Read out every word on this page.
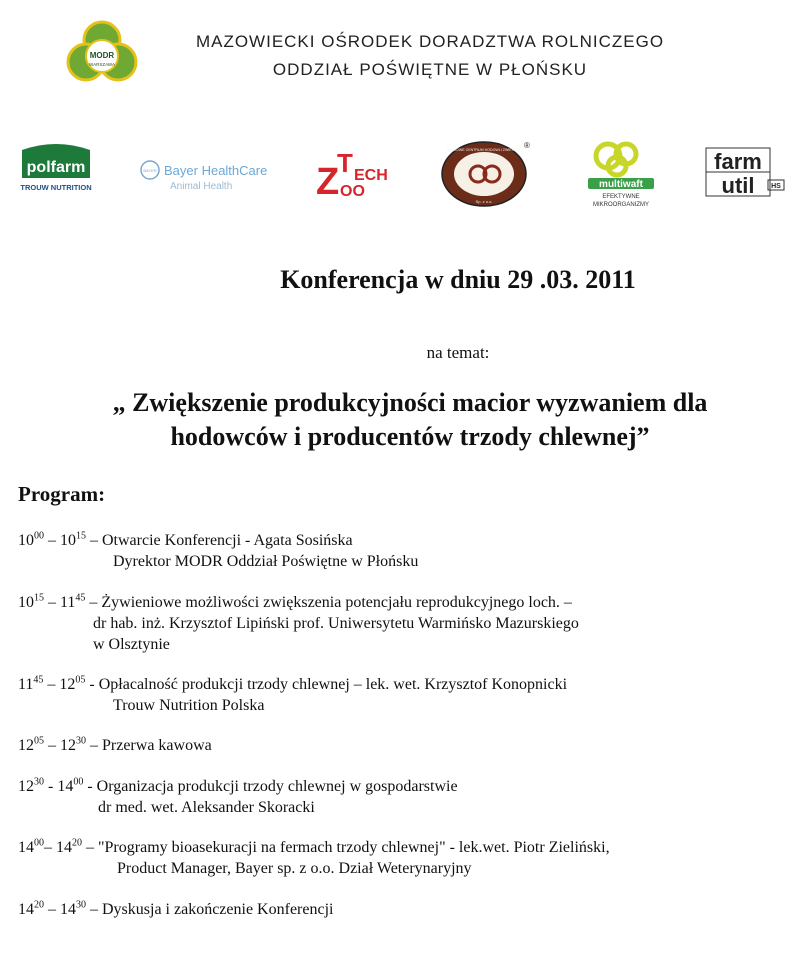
MODR
WARSZAWA
MAZOWIECKI OŚRODEK DORADZTWA ROLNICZEGO
ODDZIAŁ POŚWIĘTNE W PŁOŃSKU
polfarm
TROUW NUTRITION
BAYER Bayer HealthCare
Animal Health Z
T ECH
OO
KRAJOWE CENTRUM HODOWLI ZWIERZĄT
Sp. z o.o.
®
multiwaft
EFEKTYWNE
MIKROORGANIZMY
farm
util HS
Konferencja w dniu 29 .03. 2011
na temat:
„ Zwiększenie produkcyjności macior wyzwaniem dla
hodowców i producentów trzody chlewnej”
Program:
$10^{00} - 10^{15}$ – Otwarcie Konferencji - Agata Sosińska
Dyrektor MODR Oddział Poświętne w Płońsku
$10^{15} - 11^{45}$ – Żywieniowe możliwości zwiększenia potencjału reprodukcyjnego loch. –
dr hab. inż. Krzysztof Lipiński prof. Uniwersytetu Warmińsko Mazurskiego
w Olsztynie
$11^{45} - 12^{05}$ - Opłacalność produkcji trzody chlewnej – lek. wet. Krzysztof Konopnicki
Trouw Nutrition Polska
$12^{05} - 12^{30}$ – Przerwa kawowa
$12^{30} - 14^{00}$ - Organizacja produkcji trzody chlewnej w gospodarstwie
dr med. wet. Aleksander Skoracki
$14^{00}-$ $14^{20}$ – "Programy bioasekuracji na fermach trzody chlewnej" - lek.wet. Piotr Zieliński,
Product Manager, Bayer sp. z o.o. Dział Weterynaryjny
$14^{20} - 14^{30}$ – Dyskusja i zakończenie Konferencji
